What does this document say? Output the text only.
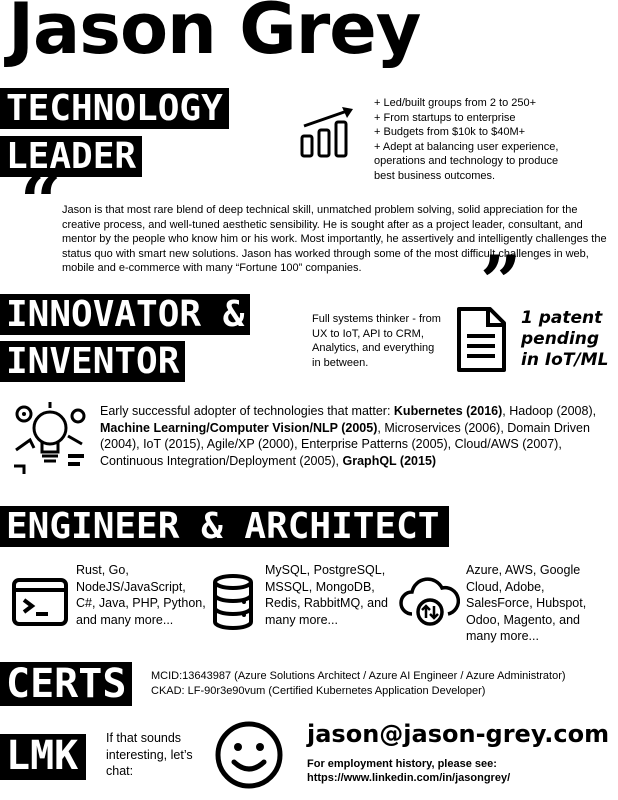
Jason Grey
TECHNOLOGY
LEADER
+ Led/built groups from 2 to 250+
+ From startups to enterprise
+ Budgets from $10k to $40M+
+ Adept at balancing user experience, operations and technology to produce best business outcomes.
“ Jason is that most rare blend of deep technical skill, unmatched problem solving, solid appreciation for the creative process, and well-tuned aesthetic sensibility. He is sought after as a project leader, consultant, and mentor by the people who know him or his work. Most importantly, he assertively and intelligently challenges the status quo with smart new solutions. Jason has worked through some of the most difficult challenges in web, mobile and e-commerce with many “Fortune 100” companies.	”
INNOVATOR &
INVENTOR
Full systems thinker - from UX to IoT, API to CRM, Analytics, and everything in between.
1 patent pending in IoT/ML
Early successful adopter of technologies that matter: Kubernetes (2016), Hadoop (2008), Machine Learning/Computer Vision/NLP (2005), Microservices (2006), Domain Driven (2004), IoT (2015), Agile/XP (2000), Enterprise Patterns (2005), Cloud/AWS (2007), Continuous Integration/Deployment (2005), GraphQL (2015)
ENGINEER & ARCHITECT
Rust, Go, NodeJS/JavaScript, C#, Java, PHP, Python, and many more...
MySQL, PostgreSQL, MSSQL, MongoDB, Redis, RabbitMQ, and many more...
Azure, AWS, Google Cloud, Adobe, SalesForce, Hubspot, Odoo, Magento, and many more...
CERTS	MCID:13643987 (Azure Solutions Architect / Azure AI Engineer / Azure Administrator)
CKAD: LF-90r3e90vum (Certified Kubernetes Application Developer)
LMK	If that sounds interesting, let’s chat:
jason@jason-grey.com
For employment history, please see:
https://www.linkedin.com/in/jasongrey/
